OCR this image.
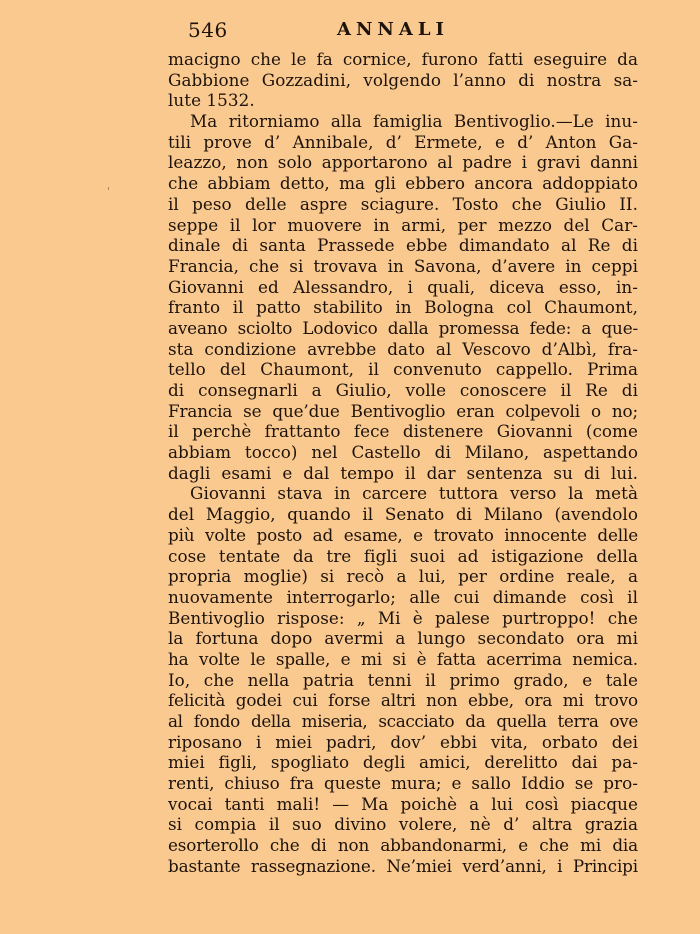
546	ANNALI
macigno che le fa cornice, furono fatti eseguire da
Gabbione Gozzadini, volgendo l’anno di nostra sa-
lute 1532.
Ma ritorniamo alla famiglia Bentivoglio.—Le inu-
tili prove d’ Annibale, d’ Ermete, e d’ Anton Ga-
leazzo, non solo apportarono al padre i gravi danni
che abbiam detto, ma gli ebbero ancora addoppiato
il peso delle aspre sciagure. Tosto che Giulio II.
seppe il lor muovere in armi, per mezzo del Car-
dinale di santa Prassede ebbe dimandato al Re di
Francia, che si trovava in Savona, d’avere in ceppi
Giovanni ed Alessandro, i quali, diceva esso, in-
franto il patto stabilito in Bologna col Chaumont,
aveano sciolto Lodovico dalla promessa fede: a que-
sta condizione avrebbe dato al Vescovo d’Albì, fra-
tello del Chaumont, il convenuto cappello. Prima
di consegnarli a Giulio, volle conoscere il Re di
Francia se que’due Bentivoglio eran colpevoli o no;
il perchè frattanto fece distenere Giovanni (come
abbiam tocco) nel Castello di Milano, aspettando
dagli esami e dal tempo il dar sentenza su di lui.
Giovanni stava in carcere tuttora verso la metà
del Maggio, quando il Senato di Milano (avendolo
più volte posto ad esame, e trovato innocente delle
cose tentate da tre figli suoi ad istigazione della
propria moglie) si recò a lui, per ordine reale, a
nuovamente interrogarlo; alle cui dimande così il
Bentivoglio rispose: „ Mi è palese purtroppo! che
la fortuna dopo avermi a lungo secondato ora mi
ha volte le spalle, e mi si è fatta acerrima nemica.
Io, che nella patria tenni il primo grado, e tale
felicità godei cui forse altri non ebbe, ora mi trovo
al fondo della miseria, scacciato da quella terra ove
riposano i miei padri, dov’ ebbi vita, orbato dei
miei figli, spogliato degli amici, derelitto dai pa-
renti, chiuso fra queste mura; e sallo Iddio se pro-
vocai tanti mali! — Ma poichè a lui così piacque
si compia il suo divino volere, nè d’ altra grazia
esorterollo che di non abbandonarmi, e che mi dia
bastante rassegnazione. Ne’miei verd’anni, i Principi
